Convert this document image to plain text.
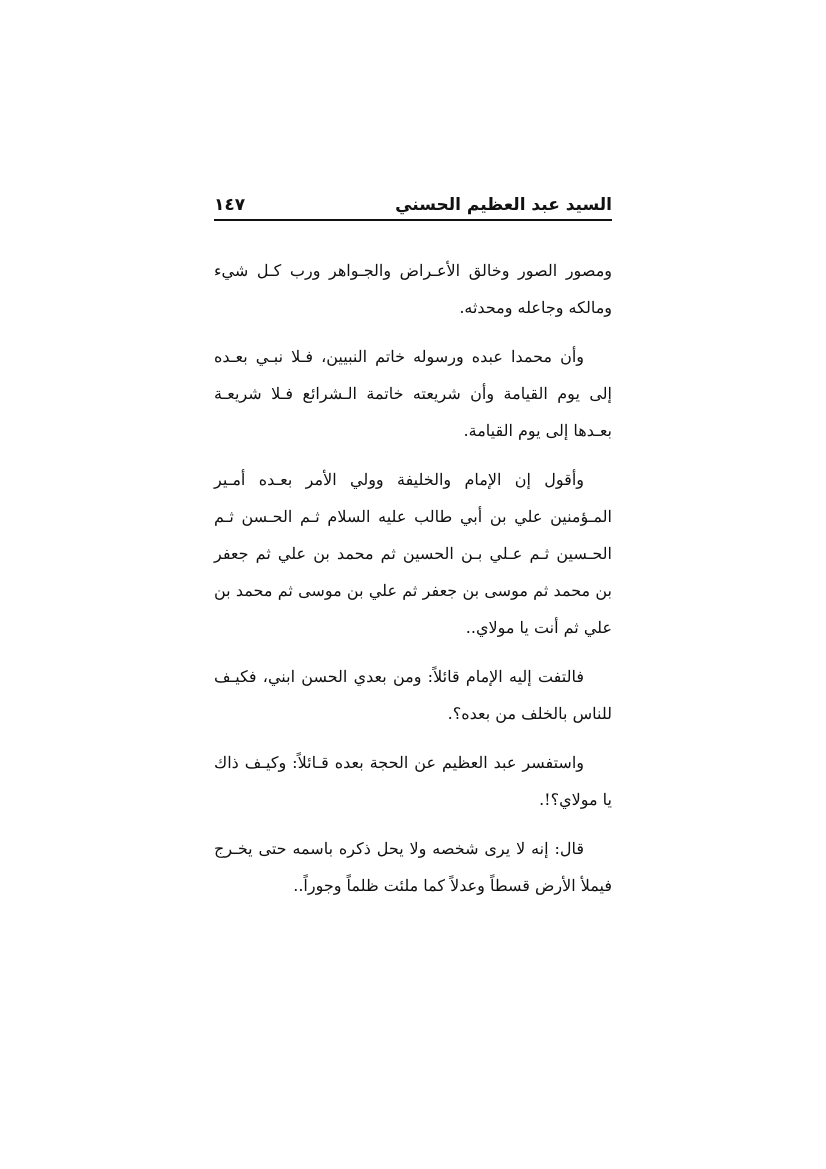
السيد عبد العظيم الحسني
١٤٧

ومصور الصور وخالق الأعـراض والجـواهر ورب كـل شيء ومالكه وجاعله ومحدثه.

وأن محمدا عبده ورسوله خاتم النبيين، فـلا نبـي بعـده إلى يوم القيامة وأن شريعته خاتمة الـشرائع فـلا شريعـة بعـدها إلى يوم القيامة.

وأقول إن الإمام والخليفة وولي الأمر بعـده أمـير المـؤمنين علي بن أبي طالب عليه السلام ثـم الحـسن ثـم الحـسين ثـم عـلي بـن الحسين ثم محمد بن علي ثم جعفر بن محمد ثم موسى بن جعفر ثم علي بن موسى ثم محمد بن علي ثم أنت يا مولاي..

فالتفت إليه الإمام قائلاً: ومن بعدي الحسن ابني، فكيـف للناس بالخلف من بعده؟.

واستفسر عبد العظيم عن الحجة بعده قـائلاً: وكيـف ذاك يا مولاي؟!.

قال: إنه لا يرى شخصه ولا يحل ذكره باسمه حتى يخـرج فيملأ الأرض قسطاً وعدلاً كما ملئت ظلماً وجوراً..
